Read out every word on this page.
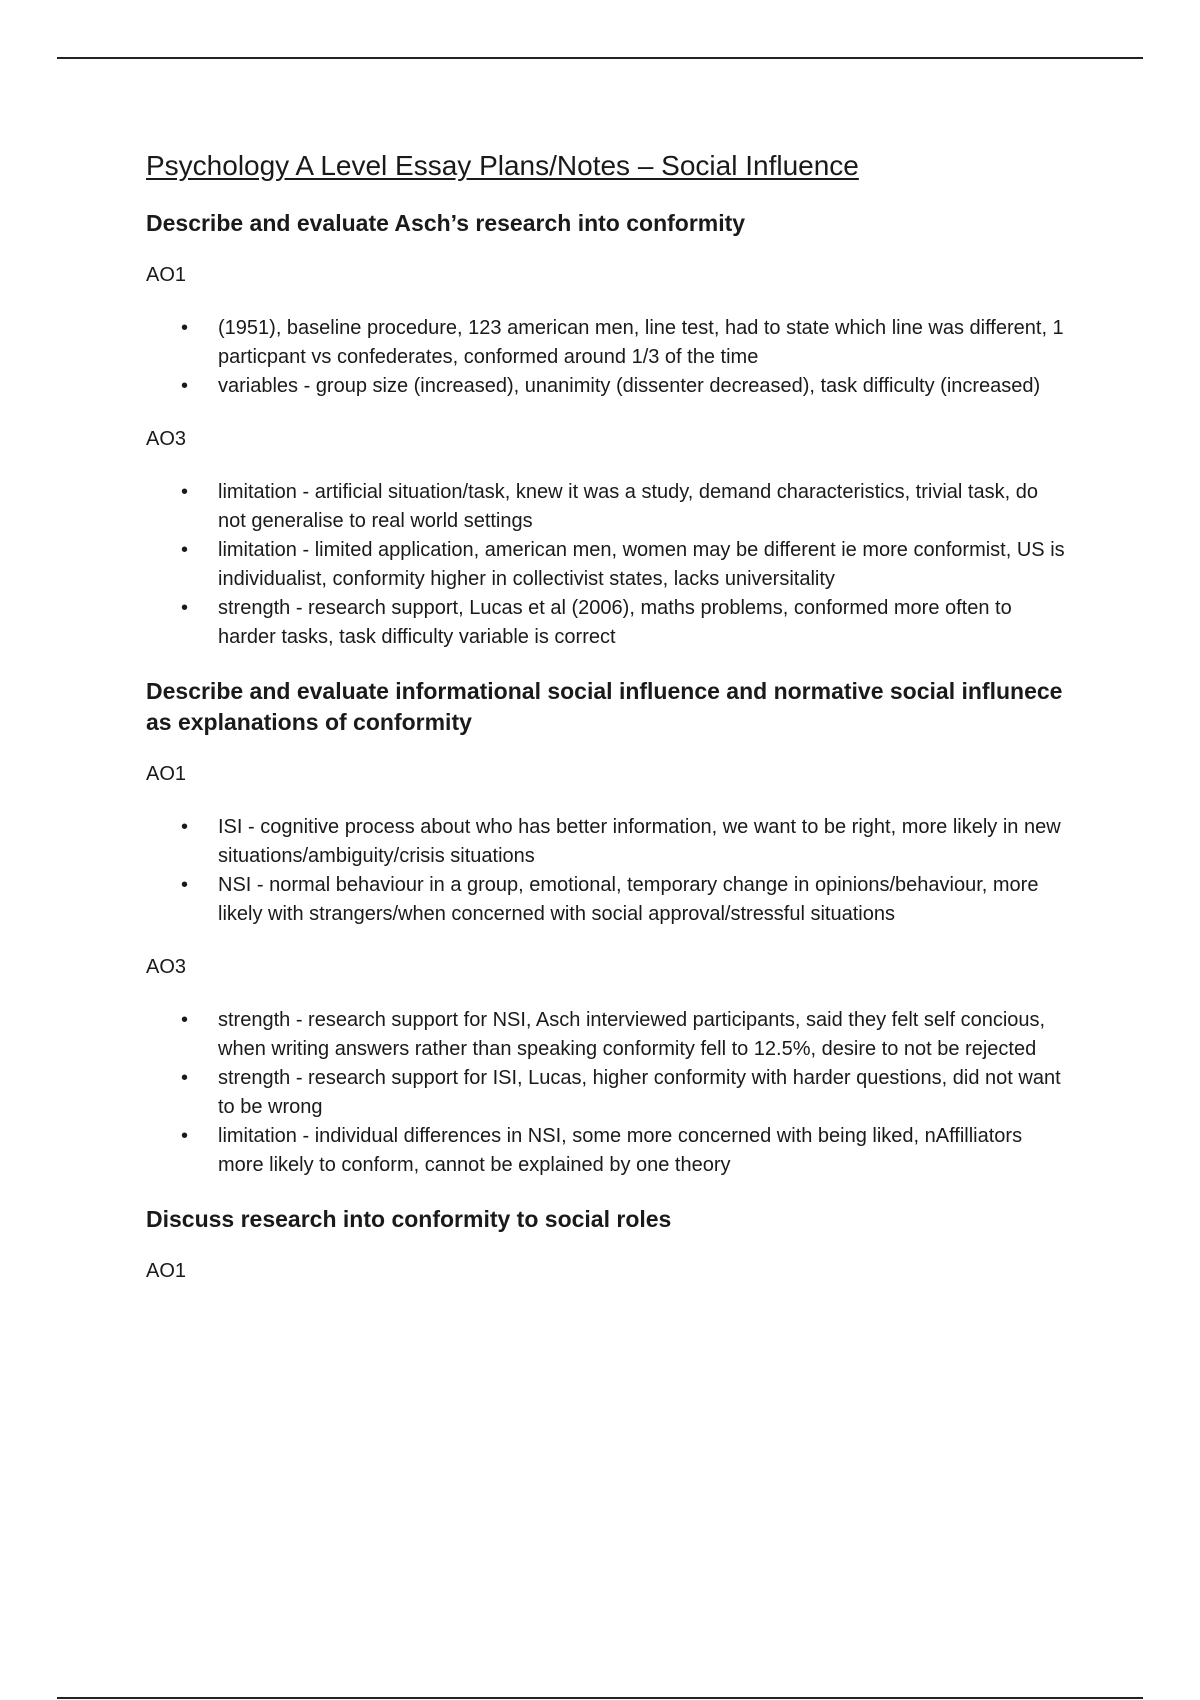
Psychology A Level Essay Plans/Notes – Social Influence
Describe and evaluate Asch’s research into conformity
AO1
• (1951), baseline procedure, 123 american men, line test, had to state which line was different, 1 particpant vs confederates, conformed around 1/3 of the time
• variables - group size (increased), unanimity (dissenter decreased), task difficulty (increased)
AO3
• limitation - artificial situation/task, knew it was a study, demand characteristics, trivial task, do not generalise to real world settings
• limitation - limited application, american men, women may be different ie more conformist, US is individualist, conformity higher in collectivist states, lacks universitality
• strength - research support, Lucas et al (2006), maths problems, conformed more often to harder tasks, task difficulty variable is correct
Describe and evaluate informational social influence and normative social influnece as explanations of conformity
AO1
• ISI - cognitive process about who has better information, we want to be right, more likely in new situations/ambiguity/crisis situations
• NSI - normal behaviour in a group, emotional, temporary change in opinions/behaviour, more likely with strangers/when concerned with social approval/stressful situations
AO3
• strength - research support for NSI, Asch interviewed participants, said they felt self concious, when writing answers rather than speaking conformity fell to 12.5%, desire to not be rejected
• strength - research support for ISI, Lucas, higher conformity with harder questions, did not want to be wrong
• limitation - individual differences in NSI, some more concerned with being liked, nAffilliators more likely to conform, cannot be explained by one theory
Discuss research into conformity to social roles
AO1
